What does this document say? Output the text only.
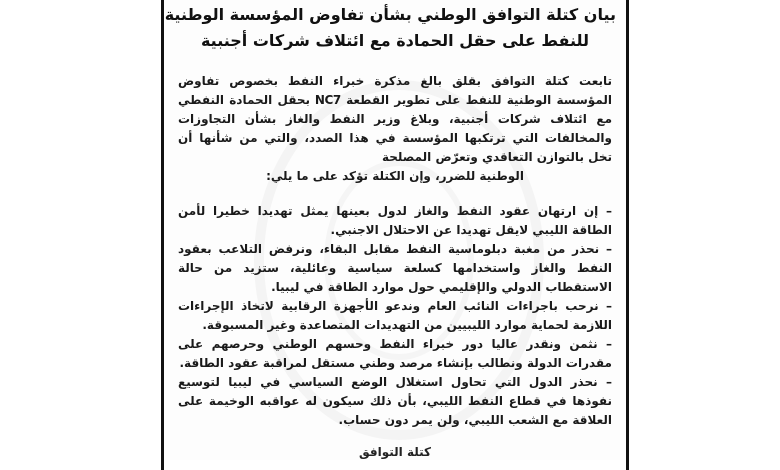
بيان كتلة التوافق الوطني بشأن تفاوض المؤسسة الوطنية

للنفط على حقل الحمادة مع ائتلاف شركات أجنبية

تابعت كتلة التوافق بقلق بالغ مذكرة خبراء النفط بخصوص تفاوض المؤسسة الوطنية للنفط على تطوير القطعة NC7 بحقل الحمادة النفطي مع ائتلاف شركات أجنبية، وبلاغ وزير النفط والغاز بشأن التجاوزات والمخالفات التي ترتكبها المؤسسة في هذا الصدد، والتي من شأنها أن تخل بالتوازن التعاقدي وتعرّض المصلحة

الوطنية للضرر، وإن الكتلة تؤكد على ما يلي:

– إن ارتهان عقود النفط والغاز لدول بعينها يمثل تهديدا خطيرا لأمن الطاقة الليبي لايقل تهديدا عن الاحتلال الاجنبي.

– نحذر من مغبة دبلوماسية النفط مقابل البقاء، ونرفض التلاعب بعقود النفط والغاز واستخدامها كسلعة سياسية وعائلية، ستزيد من حالة الاستقطاب الدولي والإقليمي حول موارد الطاقة في ليبيا.

– نرحب باجراءات النائب العام وندعو الأجهزة الرقابية لاتخاذ الإجراءات اللازمة لحماية موارد الليبيين من التهديدات المتصاعدة وغير المسبوقة.

– نثمن ونقدر عاليا دور خبراء النفط وحسهم الوطني وحرصهم على مقدرات الدولة ونطالب بإنشاء مرصد وطني مستقل لمراقبة عقود الطاقة.

– نحذر الدول التي تحاول استغلال الوضع السياسي في ليبيا لتوسيع نفوذها في قطاع النفط الليبي، بأن ذلك سيكون له عواقبه الوخيمة على العلاقة مع الشعب الليبي، ولن يمر دون حساب.

كتلة التوافق
